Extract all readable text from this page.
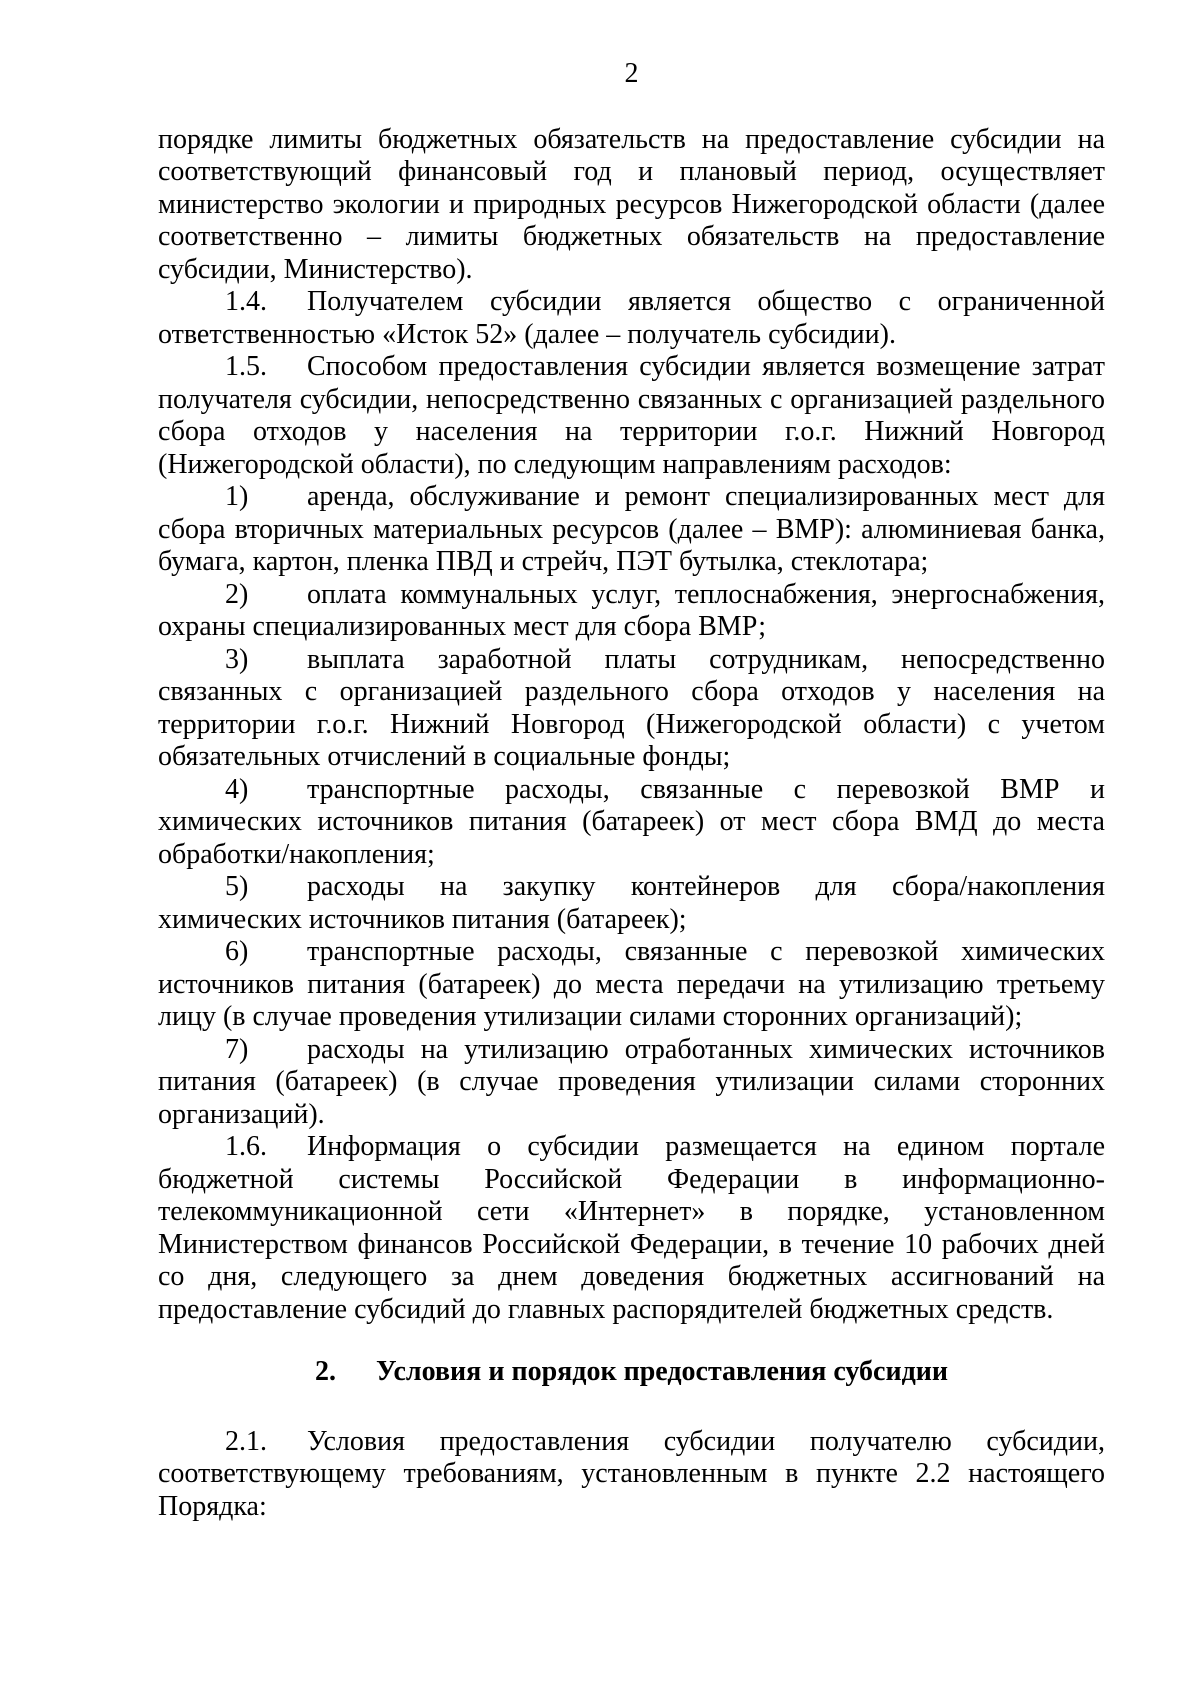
2

порядке лимиты бюджетных обязательств на предоставление субсидии на соответствующий финансовый год и плановый период, осуществляет министерство экологии и природных ресурсов Нижегородской области (далее соответственно – лимиты бюджетных обязательств на предоставление субсидии, Министерство).

1.4. Получателем субсидии является общество с ограниченной ответственностью «Исток 52» (далее – получатель субсидии).

1.5. Способом предоставления субсидии является возмещение затрат получателя субсидии, непосредственно связанных с организацией раздельного сбора отходов у населения на территории г.о.г. Нижний Новгород (Нижегородской области), по следующим направлениям расходов:

1) аренда, обслуживание и ремонт специализированных мест для сбора вторичных материальных ресурсов (далее – ВМР): алюминиевая банка, бумага, картон, пленка ПВД и стрейч, ПЭТ бутылка, стеклотара;

2) оплата коммунальных услуг, теплоснабжения, энергоснабжения, охраны специализированных мест для сбора ВМР;

3) выплата заработной платы сотрудникам, непосредственно связанных с организацией раздельного сбора отходов у населения на территории г.о.г. Нижний Новгород (Нижегородской области) с учетом обязательных отчислений в социальные фонды;

4) транспортные расходы, связанные с перевозкой ВМР и химических источников питания (батареек) от мест сбора ВМД до места обработки/накопления;

5) расходы на закупку контейнеров для сбора/накопления химических источников питания (батареек);

6) транспортные расходы, связанные с перевозкой химических источников питания (батареек) до места передачи на утилизацию третьему лицу (в случае проведения утилизации силами сторонних организаций);

7) расходы на утилизацию отработанных химических источников питания (батареек) (в случае проведения утилизации силами сторонних организаций).

1.6. Информация о субсидии размещается на едином портале бюджетной системы Российской Федерации в информационно-телекоммуникационной сети «Интернет» в порядке, установленном Министерством финансов Российской Федерации, в течение 10 рабочих дней со дня, следующего за днем доведения бюджетных ассигнований на предоставление субсидий до главных распорядителей бюджетных средств.

2. Условия и порядок предоставления субсидии

2.1. Условия предоставления субсидии получателю субсидии, соответствующему требованиям, установленным в пункте 2.2 настоящего Порядка:
